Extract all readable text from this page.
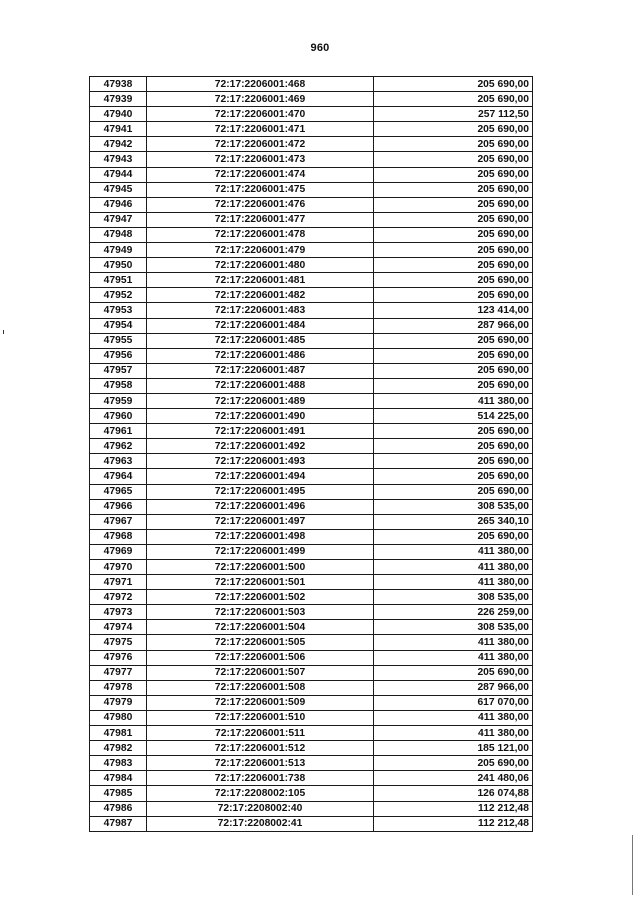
960
47938	72:17:2206001:468	205 690,00
47939	72:17:2206001:469	205 690,00
47940	72:17:2206001:470	257 112,50
47941	72:17:2206001:471	205 690,00
47942	72:17:2206001:472	205 690,00
47943	72:17:2206001:473	205 690,00
47944	72:17:2206001:474	205 690,00
47945	72:17:2206001:475	205 690,00
47946	72:17:2206001:476	205 690,00
47947	72:17:2206001:477	205 690,00
47948	72:17:2206001:478	205 690,00
47949	72:17:2206001:479	205 690,00
47950	72:17:2206001:480	205 690,00
47951	72:17:2206001:481	205 690,00
47952	72:17:2206001:482	205 690,00
47953	72:17:2206001:483	123 414,00
47954	72:17:2206001:484	287 966,00
47955	72:17:2206001:485	205 690,00
47956	72:17:2206001:486	205 690,00
47957	72:17:2206001:487	205 690,00
47958	72:17:2206001:488	205 690,00
47959	72:17:2206001:489	411 380,00
47960	72:17:2206001:490	514 225,00
47961	72:17:2206001:491	205 690,00
47962	72:17:2206001:492	205 690,00
47963	72:17:2206001:493	205 690,00
47964	72:17:2206001:494	205 690,00
47965	72:17:2206001:495	205 690,00
47966	72:17:2206001:496	308 535,00
47967	72:17:2206001:497	265 340,10
47968	72:17:2206001:498	205 690,00
47969	72:17:2206001:499	411 380,00
47970	72:17:2206001:500	411 380,00
47971	72:17:2206001:501	411 380,00
47972	72:17:2206001:502	308 535,00
47973	72:17:2206001:503	226 259,00
47974	72:17:2206001:504	308 535,00
47975	72:17:2206001:505	411 380,00
47976	72:17:2206001:506	411 380,00
47977	72:17:2206001:507	205 690,00
47978	72:17:2206001:508	287 966,00
47979	72:17:2206001:509	617 070,00
47980	72:17:2206001:510	411 380,00
47981	72:17:2206001:511	411 380,00
47982	72:17:2206001:512	185 121,00
47983	72:17:2206001:513	205 690,00
47984	72:17:2206001:738	241 480,06
47985	72:17:2208002:105	126 074,88
47986	72:17:2208002:40	112 212,48
47987	72:17:2208002:41	112 212,48
